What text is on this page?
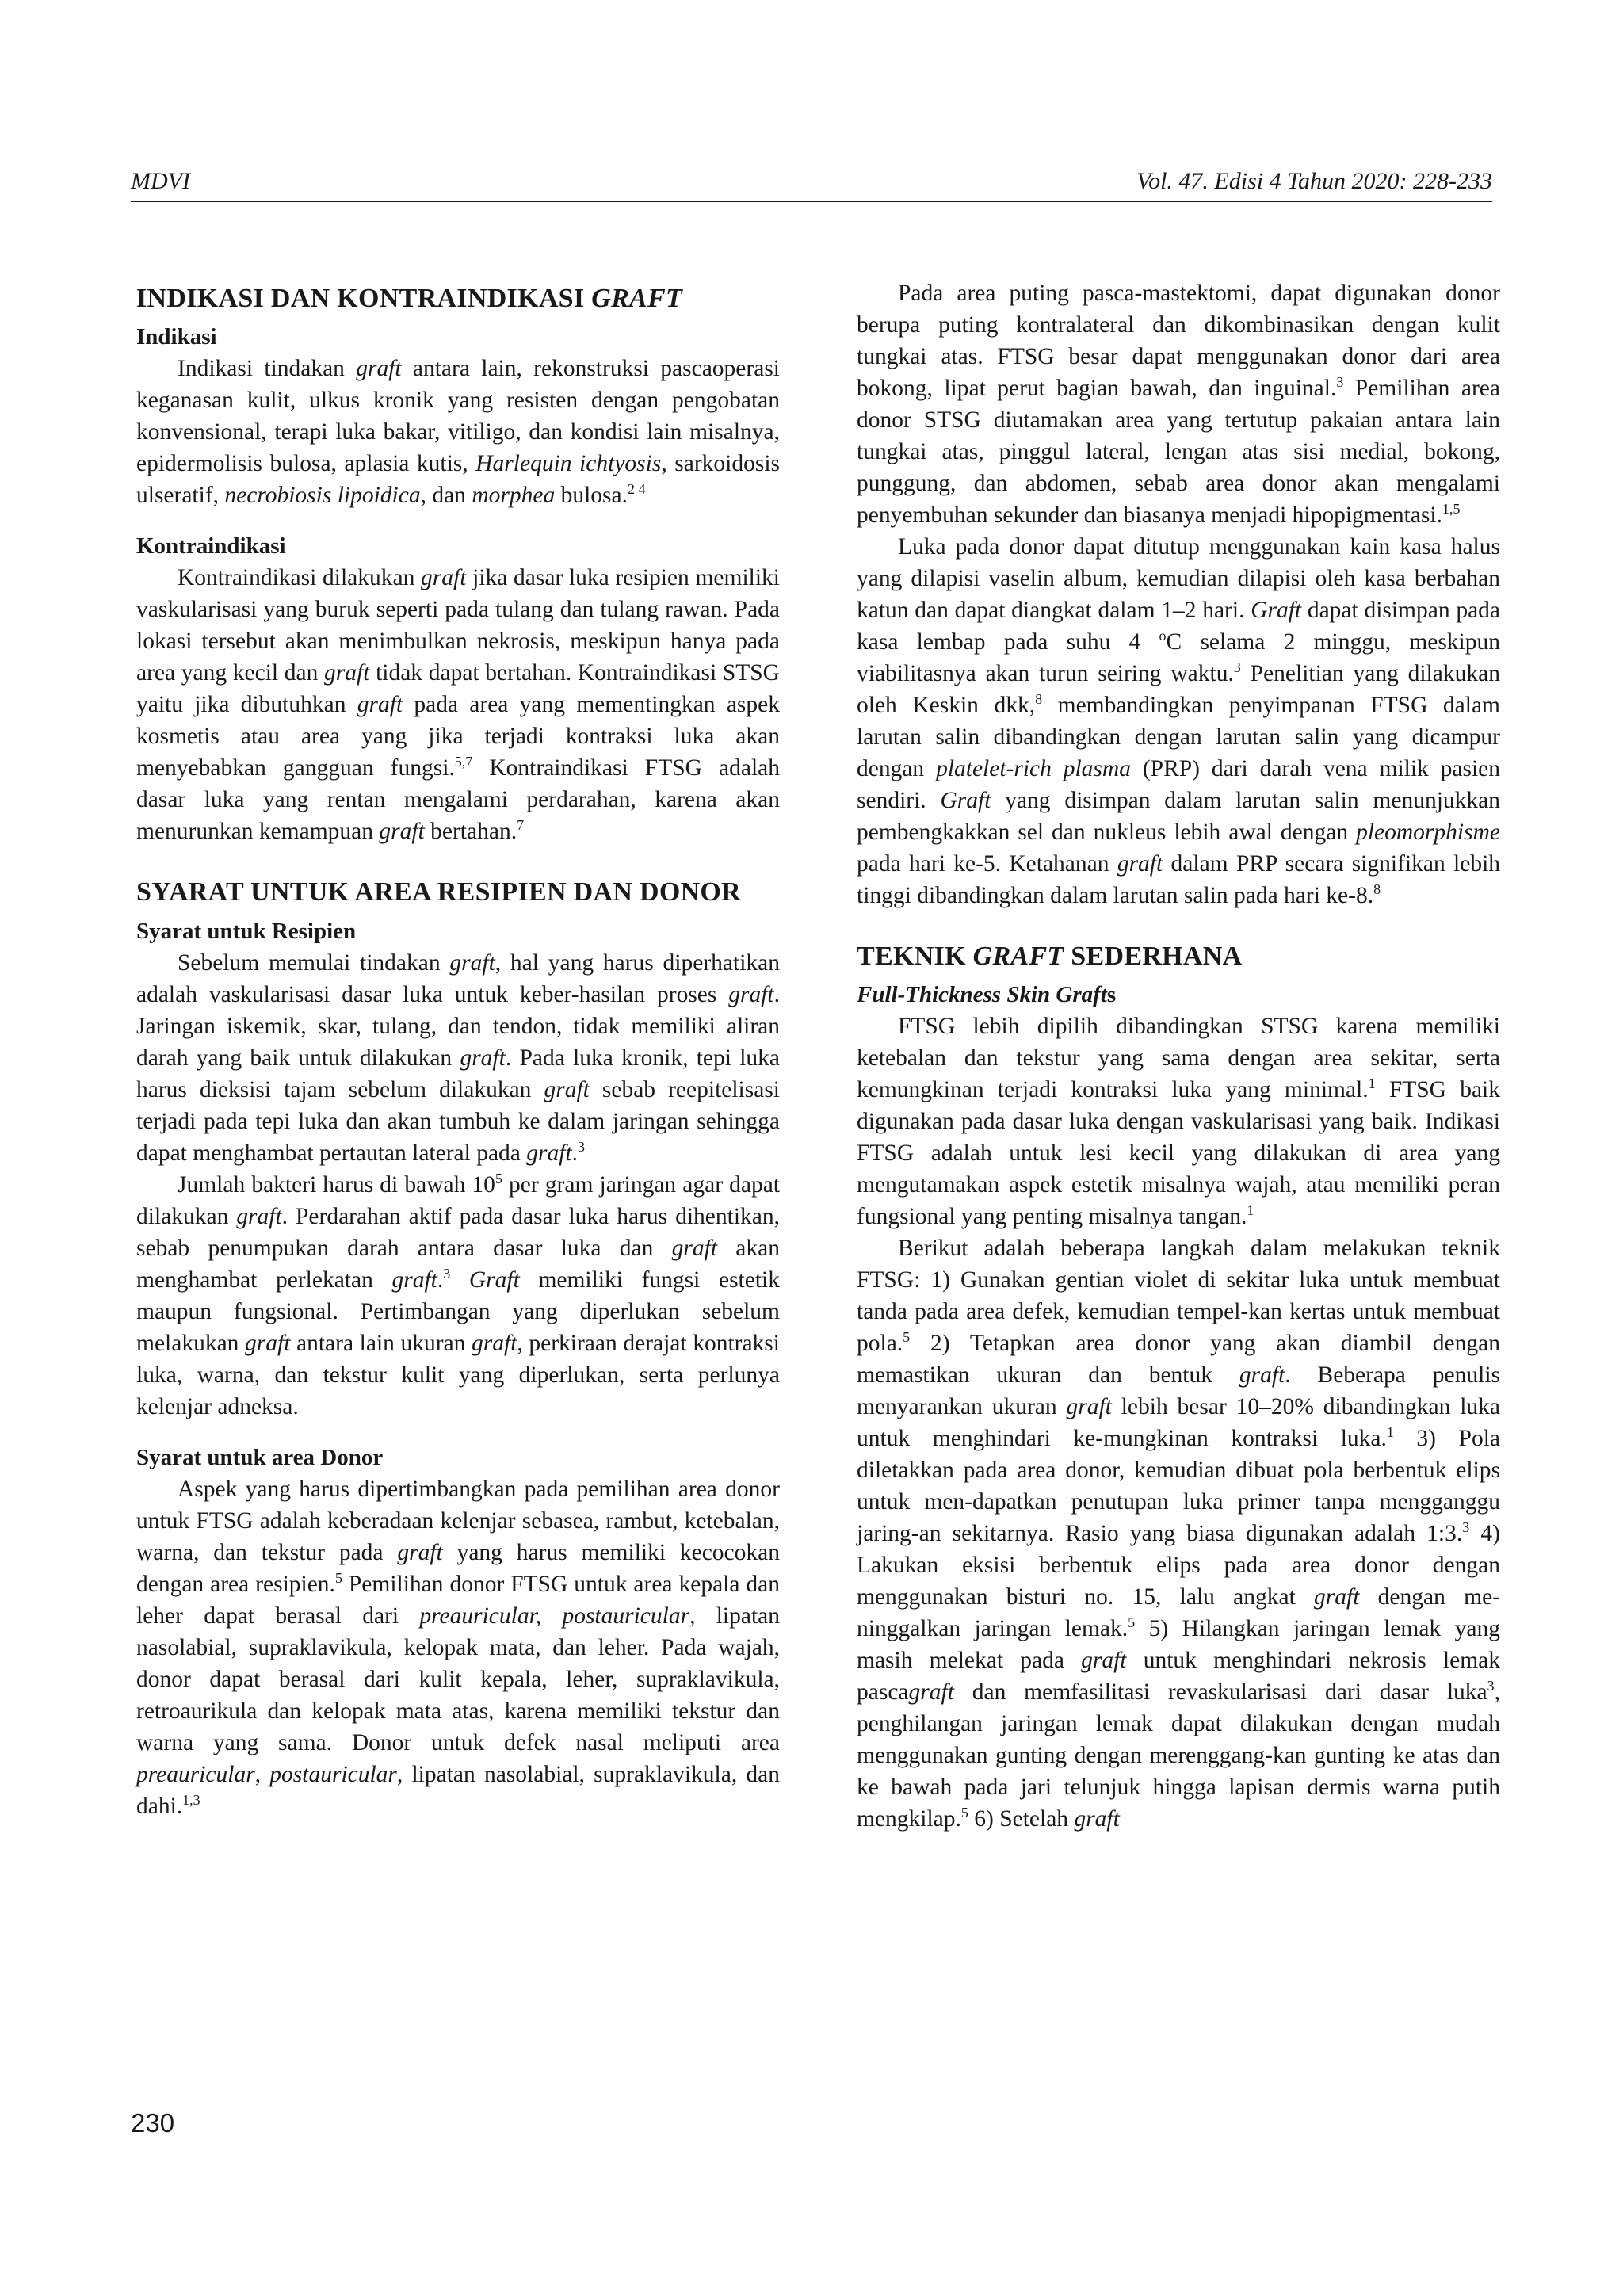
MDVI	Vol. 47. Edisi 4 Tahun 2020: 228-233
INDIKASI DAN KONTRAINDIKASI GRAFT
Indikasi

Indikasi tindakan graft antara lain, rekonstruksi pascaoperasi keganasan kulit, ulkus kronik yang resisten dengan pengobatan konvensional, terapi luka bakar, vitiligo, dan kondisi lain misalnya, epidermolisis bulosa, aplasia kutis, Harlequin ichtyosis, sarkoidosis ulseratif, necrobiosis lipoidica, dan morphea bulosa.$^{2 4}$

Kontraindikasi

Kontraindikasi dilakukan graft jika dasar luka resipien memiliki vaskularisasi yang buruk seperti pada tulang dan tulang rawan. Pada lokasi tersebut akan menimbulkan nekrosis, meskipun hanya pada area yang kecil dan graft tidak dapat bertahan. Kontraindikasi STSG yaitu jika dibutuhkan graft pada area yang mementingkan aspek kosmetis atau area yang jika terjadi kontraksi luka akan menyebabkan gangguan fungsi.$^{5,7}$ Kontraindikasi FTSG adalah dasar luka yang rentan mengalami perdarahan, karena akan menurunkan kemampuan graft bertahan.$^7$

SYARAT UNTUK AREA RESIPIEN DAN DONOR
Syarat untuk Resipien

Sebelum memulai tindakan graft, hal yang harus diperhatikan adalah vaskularisasi dasar luka untuk keber-hasilan proses graft. Jaringan iskemik, skar, tulang, dan tendon, tidak memiliki aliran darah yang baik untuk dilakukan graft. Pada luka kronik, tepi luka harus dieksisi tajam sebelum dilakukan graft sebab reepitelisasi terjadi pada tepi luka dan akan tumbuh ke dalam jaringan sehingga dapat menghambat pertautan lateral pada graft.$^3$

Jumlah bakteri harus di bawah $10^5$ per gram jaringan agar dapat dilakukan graft. Perdarahan aktif pada dasar luka harus dihentikan, sebab penumpukan darah antara dasar luka dan graft akan menghambat perlekatan graft.$^3$ Graft memiliki fungsi estetik maupun fungsional. Pertimbangan yang diperlukan sebelum melakukan graft antara lain ukuran graft, perkiraan derajat kontraksi luka, warna, dan tekstur kulit yang diperlukan, serta perlunya kelenjar adneksa.

Syarat untuk area Donor

Aspek yang harus dipertimbangkan pada pemilihan area donor untuk FTSG adalah keberadaan kelenjar sebasea, rambut, ketebalan, warna, dan tekstur pada graft yang harus memiliki kecocokan dengan area resipien.$^5$ Pemilihan donor FTSG untuk area kepala dan leher dapat berasal dari preauricular, postauricular, lipatan nasolabial, supraklavikula, kelopak mata, dan leher. Pada wajah, donor dapat berasal dari kulit kepala, leher, supraklavikula, retroaurikula dan kelopak mata atas, karena memiliki tekstur dan warna yang sama. Donor untuk defek nasal meliputi area preauricular, postauricular, lipatan nasolabial, supraklavikula, dan dahi.$^{1,3}$

Pada area puting pasca-mastektomi, dapat digunakan donor berupa puting kontralateral dan dikombinasikan dengan kulit tungkai atas. FTSG besar dapat menggunakan donor dari area bokong, lipat perut bagian bawah, dan inguinal.$^3$ Pemilihan area donor STSG diutamakan area yang tertutup pakaian antara lain tungkai atas, pinggul lateral, lengan atas sisi medial, bokong, punggung, dan abdomen, sebab area donor akan mengalami penyembuhan sekunder dan biasanya menjadi hipopigmentasi.$^{1,5}$

Luka pada donor dapat ditutup menggunakan kain kasa halus yang dilapisi vaselin album, kemudian dilapisi oleh kasa berbahan katun dan dapat diangkat dalam 1–2 hari. Graft dapat disimpan pada kasa lembap pada suhu 4 $^o$C selama 2 minggu, meskipun viabilitasnya akan turun seiring waktu.$^3$ Penelitian yang dilakukan oleh Keskin dkk,$^8$ membandingkan penyimpanan FTSG dalam larutan salin dibandingkan dengan larutan salin yang dicampur dengan platelet-rich plasma (PRP) dari darah vena milik pasien sendiri. Graft yang disimpan dalam larutan salin menunjukkan pembengkakkan sel dan nukleus lebih awal dengan pleomorphisme pada hari ke-5. Ketahanan graft dalam PRP secara signifikan lebih tinggi dibandingkan dalam larutan salin pada hari ke-8.$^8$

TEKNIK GRAFT SEDERHANA
Full-Thickness Skin Grafts

FTSG lebih dipilih dibandingkan STSG karena memiliki ketebalan dan tekstur yang sama dengan area sekitar, serta kemungkinan terjadi kontraksi luka yang minimal.$^1$ FTSG baik digunakan pada dasar luka dengan vaskularisasi yang baik. Indikasi FTSG adalah untuk lesi kecil yang dilakukan di area yang mengutamakan aspek estetik misalnya wajah, atau memiliki peran fungsional yang penting misalnya tangan.$^1$

Berikut adalah beberapa langkah dalam melakukan teknik FTSG: 1) Gunakan gentian violet di sekitar luka untuk membuat tanda pada area defek, kemudian tempel-kan kertas untuk membuat pola.$^5$ 2) Tetapkan area donor yang akan diambil dengan memastikan ukuran dan bentuk graft. Beberapa penulis menyarankan ukuran graft lebih besar 10–20% dibandingkan luka untuk menghindari ke-mungkinan kontraksi luka.$^1$ 3) Pola diletakkan pada area donor, kemudian dibuat pola berbentuk elips untuk men-dapatkan penutupan luka primer tanpa mengganggu jaring-an sekitarnya. Rasio yang biasa digunakan adalah 1:3.$^3$ 4) Lakukan eksisi berbentuk elips pada area donor dengan menggunakan bisturi no. 15, lalu angkat graft dengan me-ninggalkan jaringan lemak.$^5$ 5) Hilangkan jaringan lemak yang masih melekat pada graft untuk menghindari nekrosis lemak pascagraft dan memfasilitasi revaskularisasi dari dasar luka$^3$, penghilangan jaringan lemak dapat dilakukan dengan mudah menggunakan gunting dengan merenggang-kan gunting ke atas dan ke bawah pada jari telunjuk hingga lapisan dermis warna putih mengkilap.$^5$ 6) Setelah graft

230
